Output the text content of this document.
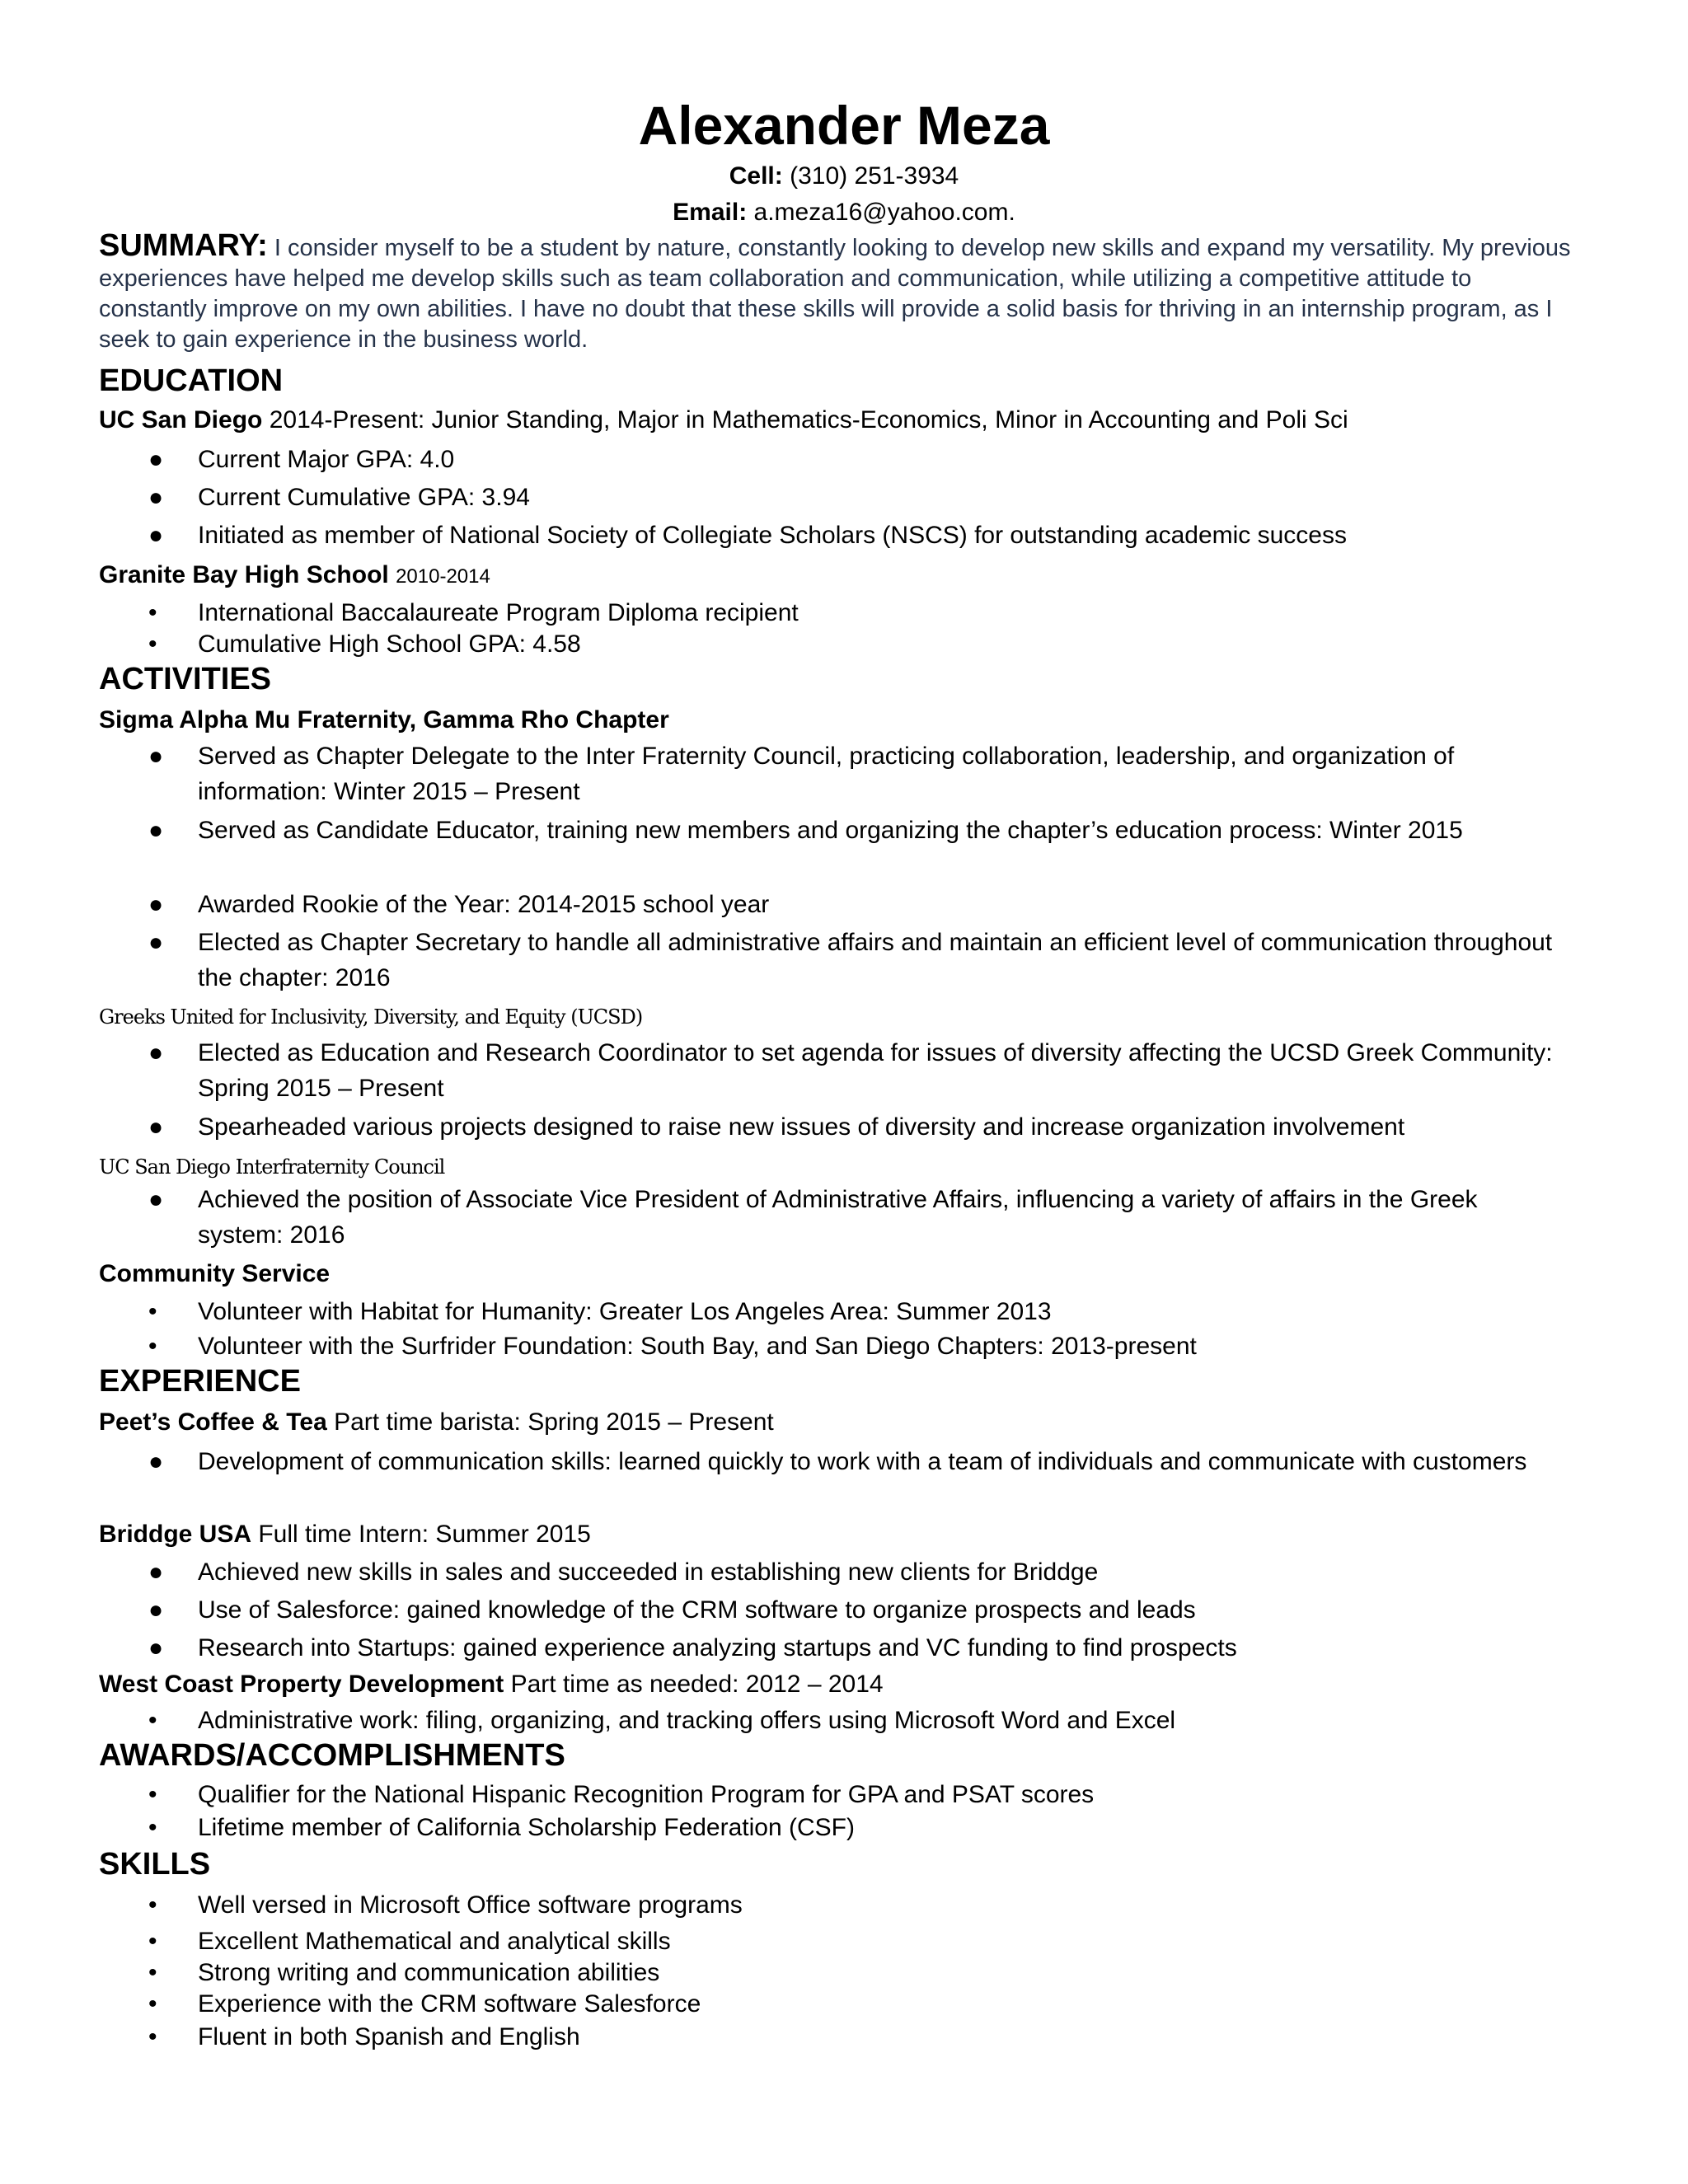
Alexander Meza
Cell: (310) 251-3934
Email: a.meza16@yahoo.com.
SUMMARY: I consider myself to be a student by nature, constantly looking to develop new skills and expand my versatility. My previous experiences have helped me develop skills such as team collaboration and communication, while utilizing a competitive attitude to constantly improve on my own abilities. I have no doubt that these skills will provide a solid basis for thriving in an internship program, as I seek to gain experience in the business world.
EDUCATION
UC San Diego 2014-Present: Junior Standing, Major in Mathematics-Economics, Minor in Accounting and Poli Sci
●	Current Major GPA: 4.0
●	Current Cumulative GPA: 3.94
●	Initiated as member of National Society of Collegiate Scholars (NSCS) for outstanding academic success
Granite Bay High School 2010-2014
•	International Baccalaureate Program Diploma recipient
•	Cumulative High School GPA: 4.58
ACTIVITIES
Sigma Alpha Mu Fraternity, Gamma Rho Chapter
●	Served as Chapter Delegate to the Inter Fraternity Council, practicing collaboration, leadership, and organization of information: Winter 2015 – Present
●	Served as Candidate Educator, training new members and organizing the chapter’s education process: Winter 2015
●	Awarded Rookie of the Year: 2014-2015 school year
●	Elected as Chapter Secretary to handle all administrative affairs and maintain an efficient level of communication throughout the chapter: 2016
Greeks United for Inclusivity, Diversity, and Equity (UCSD)
●	Elected as Education and Research Coordinator to set agenda for issues of diversity affecting the UCSD Greek Community: Spring 2015 – Present
●	Spearheaded various projects designed to raise new issues of diversity and increase organization involvement
UC San Diego Interfraternity Council
●	Achieved the position of Associate Vice President of Administrative Affairs, influencing a variety of affairs in the Greek system: 2016
Community Service
•	Volunteer with Habitat for Humanity: Greater Los Angeles Area: Summer 2013
•	Volunteer with the Surfrider Foundation: South Bay, and San Diego Chapters: 2013-present
EXPERIENCE
Peet’s Coffee & Tea Part time barista: Spring 2015 – Present
●	Development of communication skills: learned quickly to work with a team of individuals and communicate with customers
Briddge USA Full time Intern: Summer 2015
●	Achieved new skills in sales and succeeded in establishing new clients for Briddge
●	Use of Salesforce: gained knowledge of the CRM software to organize prospects and leads
●	Research into Startups: gained experience analyzing startups and VC funding to find prospects
West Coast Property Development Part time as needed: 2012 – 2014
•	Administrative work: filing, organizing, and tracking offers using Microsoft Word and Excel
AWARDS/ACCOMPLISHMENTS
•	Qualifier for the National Hispanic Recognition Program for GPA and PSAT scores
•	Lifetime member of California Scholarship Federation (CSF)
SKILLS
•	Well versed in Microsoft Office software programs
•	Excellent Mathematical and analytical skills
•	Strong writing and communication abilities
•	Experience with the CRM software Salesforce
•	Fluent in both Spanish and English
